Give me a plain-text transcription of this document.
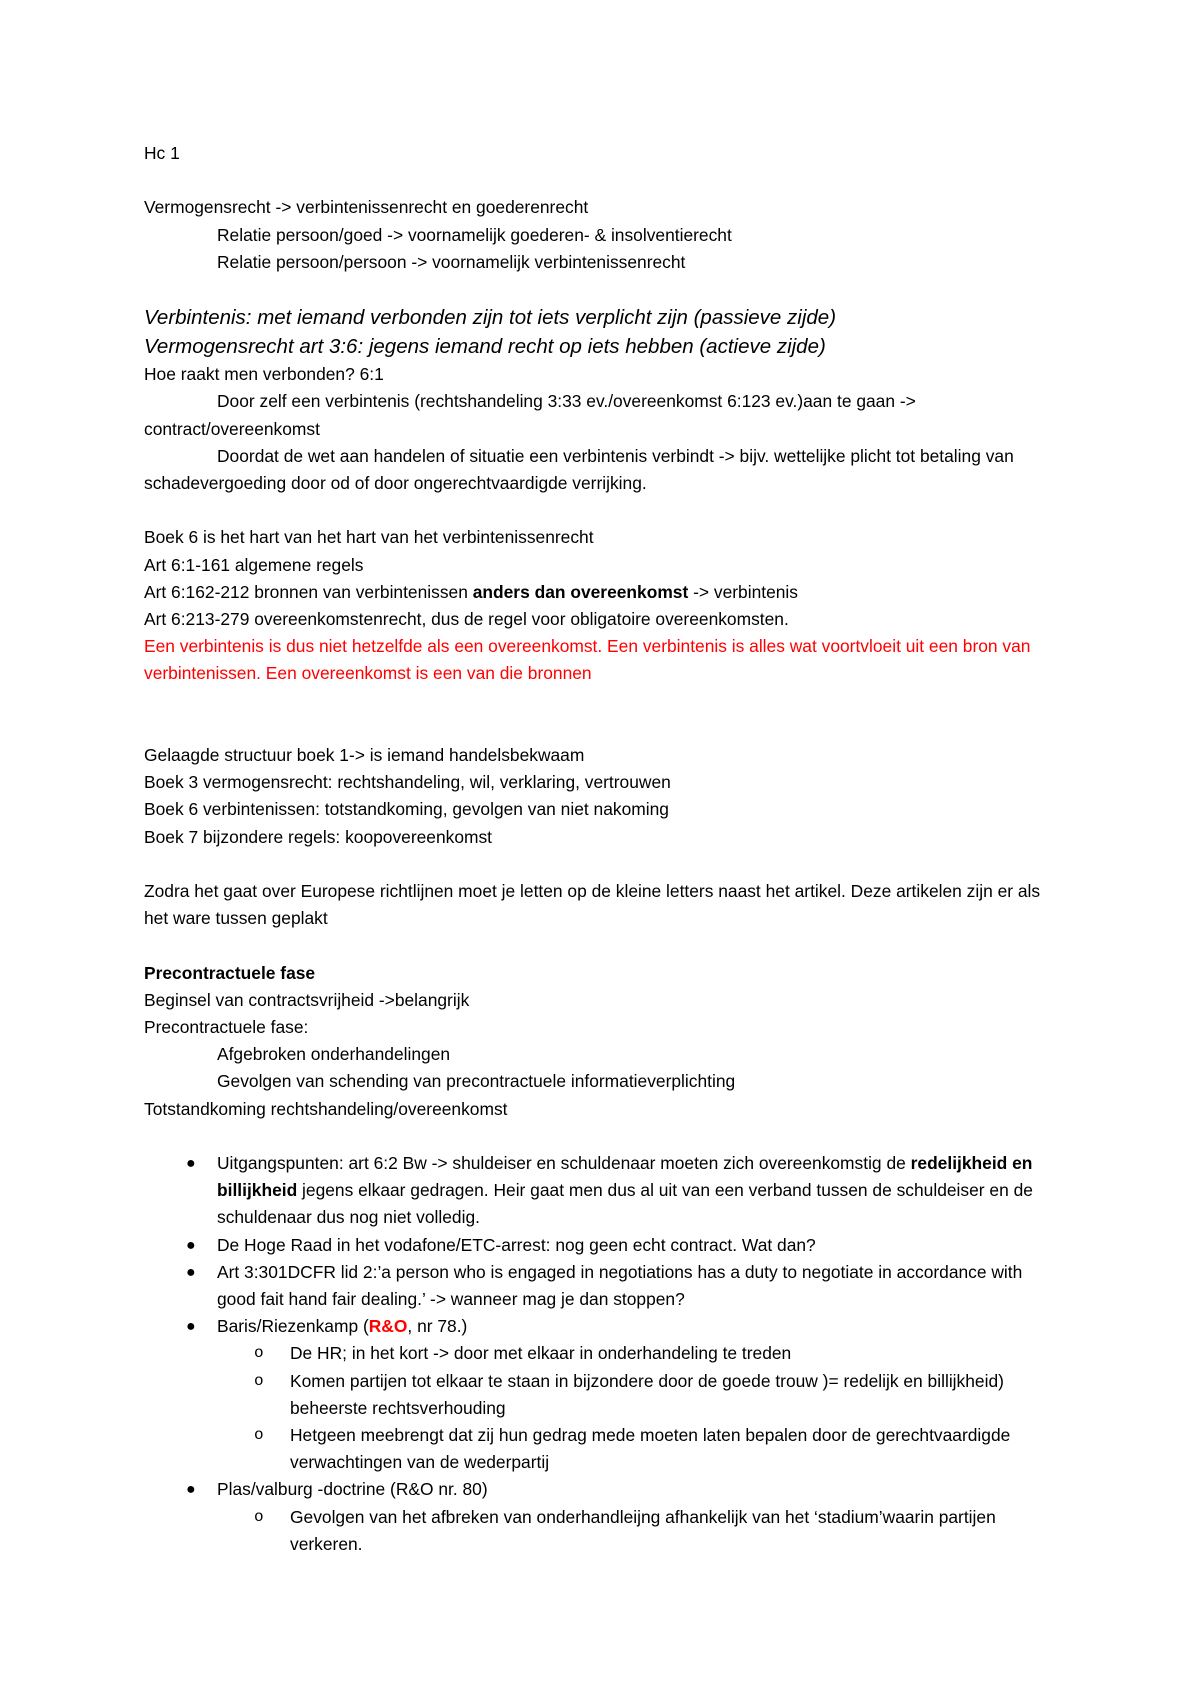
Hc 1
Vermogensrecht -> verbintenissenrecht en goederenrecht
Relatie persoon/goed -> voornamelijk goederen- & insolventierecht
Relatie persoon/persoon -> voornamelijk verbintenissenrecht
Verbintenis: met iemand verbonden zijn tot iets verplicht zijn (passieve zijde)
Vermogensrecht art 3:6: jegens iemand recht op iets hebben (actieve zijde)
Hoe raakt men verbonden? 6:1
Door zelf een verbintenis (rechtshandeling 3:33 ev./overeenkomst 6:123 ev.)aan te gaan -> contract/overeenkomst
Doordat de wet aan handelen of situatie een verbintenis verbindt -> bijv. wettelijke plicht tot betaling van schadevergoeding door od of door ongerechtvaardigde verrijking.
Boek 6 is het hart van het hart van het verbintenissenrecht
Art 6:1-161 algemene regels
Art 6:162-212 bronnen van verbintenissen anders dan overeenkomst -> verbintenis
Art 6:213-279 overeenkomstenrecht, dus de regel voor obligatoire overeenkomsten.
Een verbintenis is dus niet hetzelfde als een overeenkomst. Een verbintenis is alles wat voortvloeit uit een bron van verbintenissen. Een overeenkomst is een van die bronnen
Gelaagde structuur boek 1-> is iemand handelsbekwaam
Boek 3 vermogensrecht: rechtshandeling, wil, verklaring, vertrouwen
Boek 6 verbintenissen: totstandkoming, gevolgen van niet nakoming
Boek 7 bijzondere regels: koopovereenkomst
Zodra het gaat over Europese richtlijnen moet je letten op de kleine letters naast het artikel. Deze artikelen zijn er als het ware tussen geplakt
Precontractuele fase
Beginsel van contractsvrijheid ->belangrijk
Precontractuele fase:
Afgebroken onderhandelingen
Gevolgen van schending van precontractuele informatieverplichting
Totstandkoming rechtshandeling/overeenkomst
● Uitgangspunten: art 6:2 Bw -> shuldeiser en schuldenaar moeten zich overeenkomstig de redelijkheid en billijkheid jegens elkaar gedragen. Heir gaat men dus al uit van een verband tussen de schuldeiser en de schuldenaar dus nog niet volledig.
● De Hoge Raad in het vodafone/ETC-arrest: nog geen echt contract. Wat dan?
● Art 3:301DCFR lid 2:’a person who is engaged in negotiations has a duty to negotiate in accordance with good fait hand fair dealing.’ -> wanneer mag je dan stoppen?
● Baris/Riezenkamp (R&O, nr 78.)
o De HR; in het kort -> door met elkaar in onderhandeling te treden
o Komen partijen tot elkaar te staan in bijzondere door de goede trouw )= redelijk en billijkheid) beheerste rechtsverhouding
o Hetgeen meebrengt dat zij hun gedrag mede moeten laten bepalen door de gerechtvaardigde verwachtingen van de wederpartij
● Plas/valburg -doctrine (R&O nr. 80)
o Gevolgen van het afbreken van onderhandleijng afhankelijk van het ‘stadium’waarin partijen verkeren.
